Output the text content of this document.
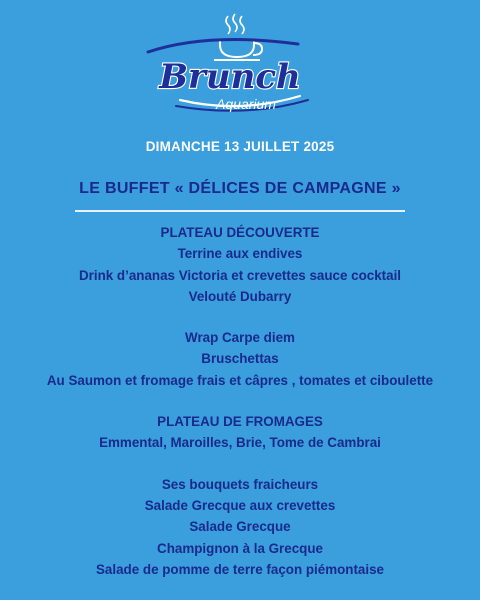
Brunch
Aquarium
DIMANCHE 13 JUILLET 2025
LE BUFFET « DÉLICES DE CAMPAGNE »
PLATEAU DÉCOUVERTE
Terrine aux endives
Drink d’ananas Victoria et crevettes sauce cocktail
Velouté Dubarry
Wrap Carpe diem
Bruschettas
Au Saumon et fromage frais et câpres , tomates et ciboulette
PLATEAU DE FROMAGES
Emmental, Maroilles, Brie, Tome de Cambrai
Ses bouquets fraicheurs
Salade Grecque aux crevettes
Salade Grecque
Champignon à la Grecque
Salade de pomme de terre façon piémontaise
